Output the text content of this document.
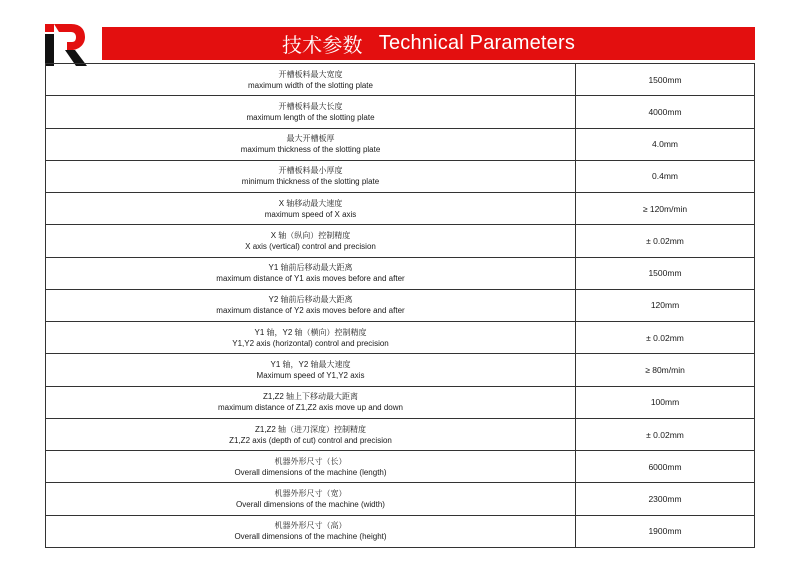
技术参数 Technical Parameters
开槽板料最大宽度
maximum width of the slotting plate
1500mm
开槽板料最大长度
maximum length of the slotting plate
4000mm
最大开槽板厚
maximum thickness of the slotting plate
4.0mm
开槽板料最小厚度
minimum thickness of the slotting plate
0.4mm
X 轴移动最大速度
maximum speed of X axis
≥ 120m/min
X 轴（纵向）控制精度
X axis (vertical) control and precision
± 0.02mm
Y1 轴前后移动最大距离
maximum distance of Y1 axis moves before and after
1500mm
Y2 轴前后移动最大距离
maximum distance of Y2 axis moves before and after
120mm
Y1 轴，Y2 轴（横向）控制精度
Y1,Y2 axis (horizontal) control and precision
± 0.02mm
Y1 轴，Y2 轴最大速度
Maximum speed of Y1,Y2 axis
≥ 80m/min
Z1,Z2 轴上下移动最大距离
maximum distance of Z1,Z2 axis move up and down
100mm
Z1,Z2 轴（进刀深度）控制精度
Z1,Z2 axis (depth of cut) control and precision
± 0.02mm
机器外形尺寸（长）
Overall dimensions of the machine (length)
6000mm
机器外形尺寸（宽）
Overall dimensions of the machine (width)
2300mm
机器外形尺寸（高）
Overall dimensions of the machine (height)
1900mm
